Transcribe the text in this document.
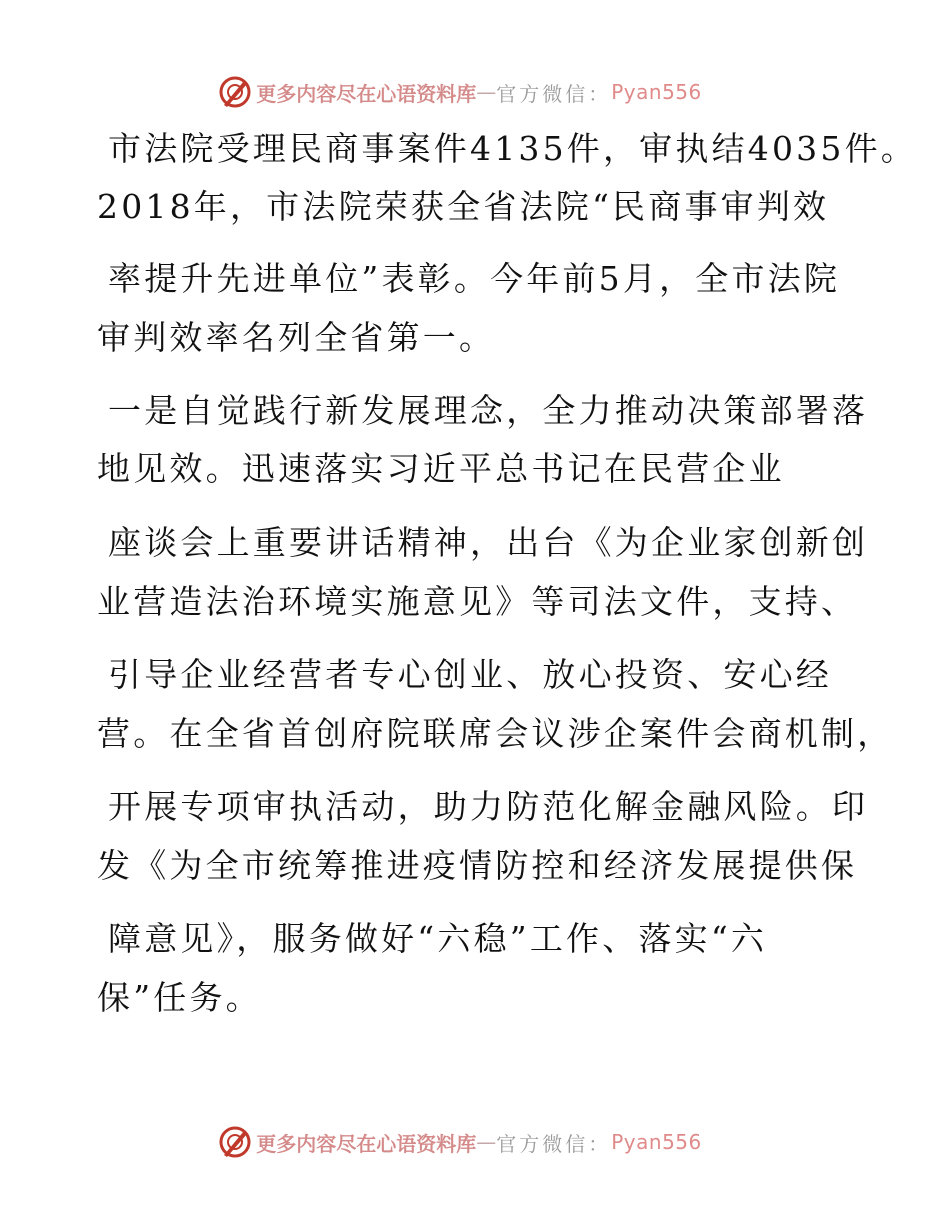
更多内容尽在心语资料库 — 官方微信： Pyan556
市法院受理民商事案件4135件，审执结4035件。
2018年，市法院荣获全省法院“民商事审判效
率提升先进单位”表彰。今年前5月，全市法院
审判效率名列全省第一。
一是自觉践行新发展理念，全力推动决策部署落
地见效。迅速落实习近平总书记在民营企业
座谈会上重要讲话精神，出台《为企业家创新创
业营造法治环境实施意见》等司法文件，支持、
引导企业经营者专心创业、放心投资、安心经
营。在全省首创府院联席会议涉企案件会商机制，
开展专项审执活动，助力防范化解金融风险。印
发《为全市统筹推进疫情防控和经济发展提供保
障意见》，服务做好“六稳”工作、落实“六
保”任务。
更多内容尽在心语资料库 — 官方微信： Pyan556
